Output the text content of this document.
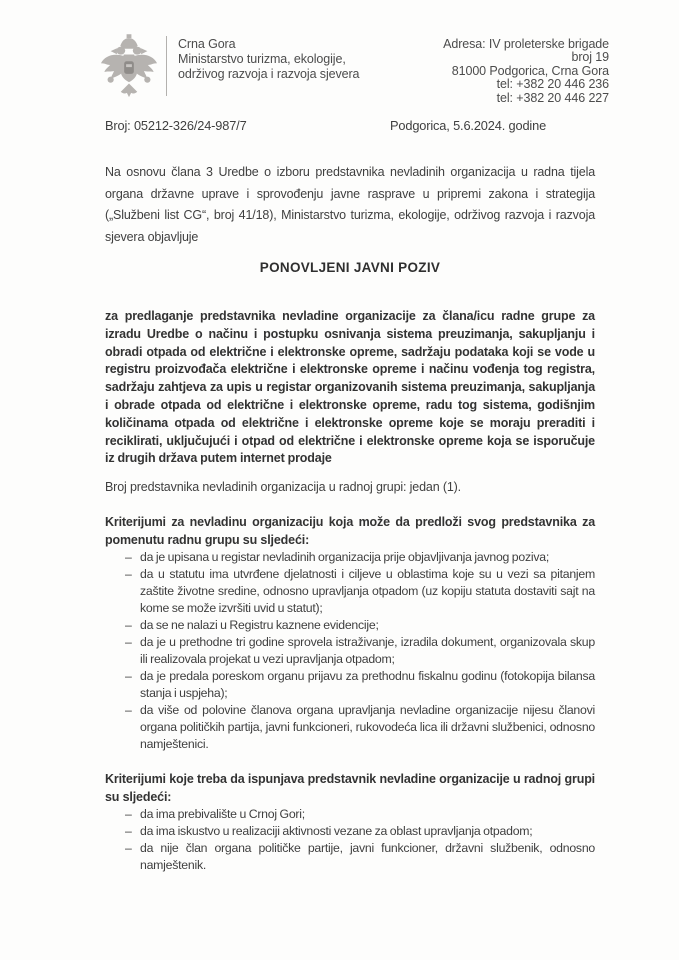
Crna Gora
Ministarstvo turizma, ekologije,
održivog razvoja i razvoja sjevera
Adresa: IV proleterske brigade
broj 19
81000 Podgorica, Crna Gora
tel: +382 20 446 236
tel: +382 20 446 227
Broj: 05212-326/24-987/7	Podgorica, 5.6.2024. godine

Na osnovu člana 3 Uredbe o izboru predstavnika nevladinih organizacija u radna tijela organa državne uprave i sprovođenju javne rasprave u pripremi zakona i strategija („Službeni list CG“, broj 41/18), Ministarstvo turizma, ekologije, održivog razvoja i razvoja sjevera objavljuje

PONOVLJENI JAVNI POZIV

za predlaganje predstavnika nevladine organizacije za člana/icu radne grupe za izradu Uredbe o načinu i postupku osnivanja sistema preuzimanja, sakupljanju i obradi otpada od električne i elektronske opreme, sadržaju podataka koji se vode u registru proizvođača električne i elektronske opreme i načinu vođenja tog registra, sadržaju zahtjeva za upis u registar organizovanih sistema preuzimanja, sakupljanja i obrade otpada od električne i elektronske opreme, radu tog sistema, godišnjim količinama otpada od električne i elektronske opreme koje se moraju preraditi i reciklirati, uključujući i otpad od električne i elektronske opreme koja se isporučuje iz drugih država putem internet prodaje

Broj predstavnika nevladinih organizacija u radnoj grupi: jedan (1).

Kriterijumi za nevladinu organizaciju koja može da predloži svog predstavnika za pomenutu radnu grupu su sljedeći:
– da je upisana u registar nevladinih organizacija prije objavljivanja javnog poziva;
– da u statutu ima utvrđene djelatnosti i ciljeve u oblastima koje su u vezi sa pitanjem zaštite životne sredine, odnosno upravljanja otpadom (uz kopiju statuta dostaviti sajt na kome se može izvršiti uvid u statut);
– da se ne nalazi u Registru kaznene evidencije;
– da je u prethodne tri godine sprovela istraživanje, izradila dokument, organizovala skup ili realizovala projekat u vezi upravljanja otpadom;
– da je predala poreskom organu prijavu za prethodnu fiskalnu godinu (fotokopija bilansa stanja i uspjeha);
– da više od polovine članova organa upravljanja nevladine organizacije nijesu članovi organa političkih partija, javni funkcioneri, rukovodeća lica ili državni službenici, odnosno namještenici.
Kriterijumi koje treba da ispunjava predstavnik nevladine organizacije u radnoj grupi su sljedeći:
– da ima prebivalište u Crnoj Gori;
– da ima iskustvo u realizaciji aktivnosti vezane za oblast upravljanja otpadom;
– da nije član organa političke partije, javni funkcioner, državni službenik, odnosno namještenik.
